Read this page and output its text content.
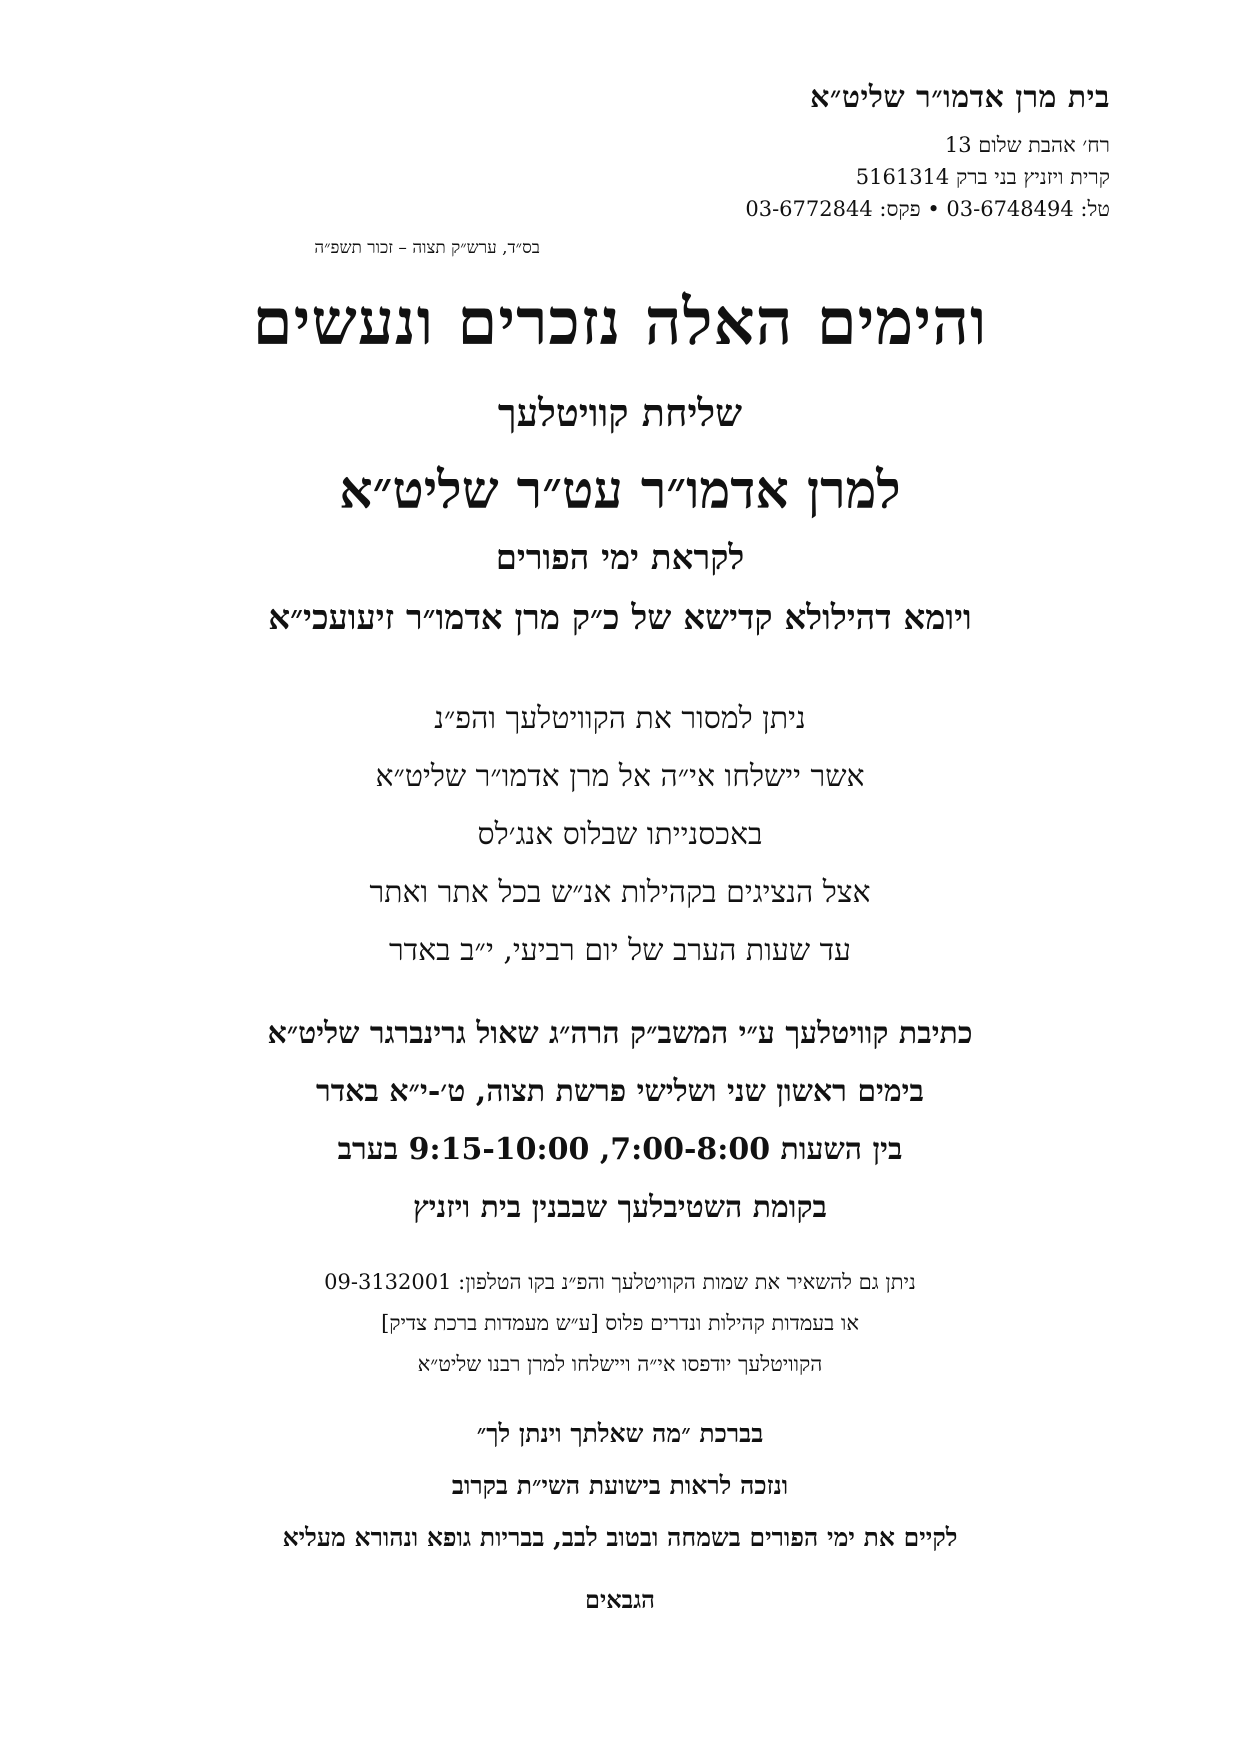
בית מרן אדמו״ר שליט״א

רח׳ אהבת שלום 13

קרית ויזניץ בני ברק 5161314

טל: 03-6748494 • פקס: 03-6772844

בס״ד, ערש״ק תצוה – זכור תשפ״ה
והימים האלה נזכרים ונעשים
שליחת קוויטלעך
למרן אדמו״ר עט״ר שליט״א
לקראת ימי הפורים
ויומא דהילולא קדישא של כ״ק מרן אדמו״ר זיעועכי״א

ניתן למסור את הקוויטלעך והפ״נ

אשר יישלחו אי״ה אל מרן אדמו״ר שליט״א

באכסנייתו שבלוס אנג׳לס

אצל הנציגים בקהילות אנ״ש בכל אתר ואתר

עד שעות הערב של יום רביעי, י״ב באדר

כתיבת קוויטלעך ע״י המשב״ק הרה״ג שאול גרינברגר שליט״א

בימים ראשון שני ושלישי פרשת תצוה, ט׳-י״א באדר

בין השעות 7:00-8:00, 9:15-10:00 בערב

בקומת השטיבלעך שבבנין בית ויזניץ

ניתן גם להשאיר את שמות הקוויטלעך והפ״נ בקו הטלפון: 09-3132001

או בעמדות קהילות ונדרים פלוס [ע״ש מעמדות ברכת צדיק]

הקוויטלעך יודפסו אי״ה ויישלחו למרן רבנו שליט״א

בברכת ״מה שאלתך וינתן לך״

ונזכה לראות בישועת השי״ת בקרוב

לקיים את ימי הפורים בשמחה ובטוב לבב, בבריות גופא ונהורא מעליא

הגבאים
